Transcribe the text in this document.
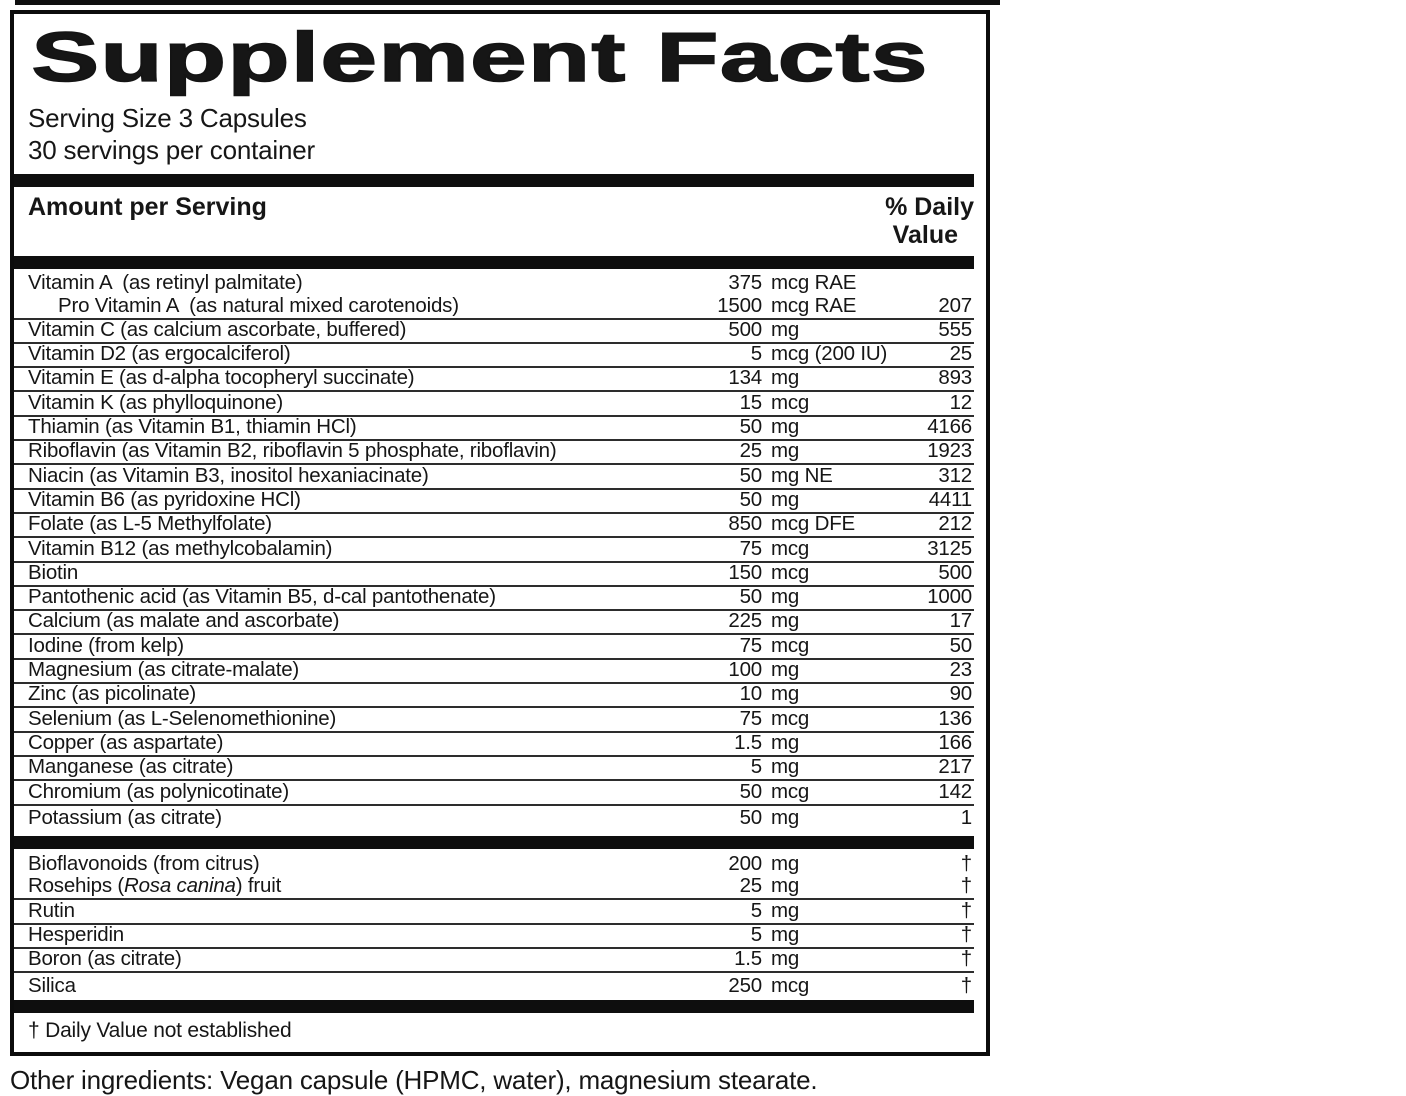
Supplement Facts
Serving Size 3 Capsules
30 servings per container
Amount per Serving	% Daily
Value
Vitamin A  (as retinyl palmitate)	375 mcg RAE
Pro Vitamin A  (as natural mixed carotenoids)	1500 mcg RAE	207
Vitamin C (as calcium ascorbate, buffered)	500 mg	555
Vitamin D2 (as ergocalciferol)	5 mcg (200 IU)	25
Vitamin E (as d-alpha tocopheryl succinate)	134 mg	893
Vitamin K (as phylloquinone)	15 mcg	12
Thiamin (as Vitamin B1, thiamin HCl)	50 mg	4166
Riboflavin (as Vitamin B2, riboflavin 5 phosphate, riboflavin)	25 mg	1923
Niacin (as Vitamin B3, inositol hexaniacinate)	50 mg NE	312
Vitamin B6 (as pyridoxine HCl)	50 mg	4411
Folate (as L-5 Methylfolate)	850 mcg DFE	212
Vitamin B12 (as methylcobalamin)	75 mcg	3125
Biotin	150 mcg	500
Pantothenic acid (as Vitamin B5, d-cal pantothenate)	50 mg	1000
Calcium (as malate and ascorbate)	225 mg	17
Iodine (from kelp)	75 mcg	50
Magnesium (as citrate-malate)	100 mg	23
Zinc (as picolinate)	10 mg	90
Selenium (as L-Selenomethionine)	75 mcg	136
Copper (as aspartate)	1.5 mg	166
Manganese (as citrate)	5 mg	217
Chromium (as polynicotinate)	50 mcg	142
Potassium (as citrate)	50 mg	1
Bioflavonoids (from citrus)	200 mg	†
Rosehips (Rosa canina) fruit	25 mg	†
Rutin	5 mg	†
Hesperidin	5 mg	†
Boron (as citrate)	1.5 mg	†
Silica	250 mcg	†
† Daily Value not established
Other ingredients: Vegan capsule (HPMC, water), magnesium stearate.
